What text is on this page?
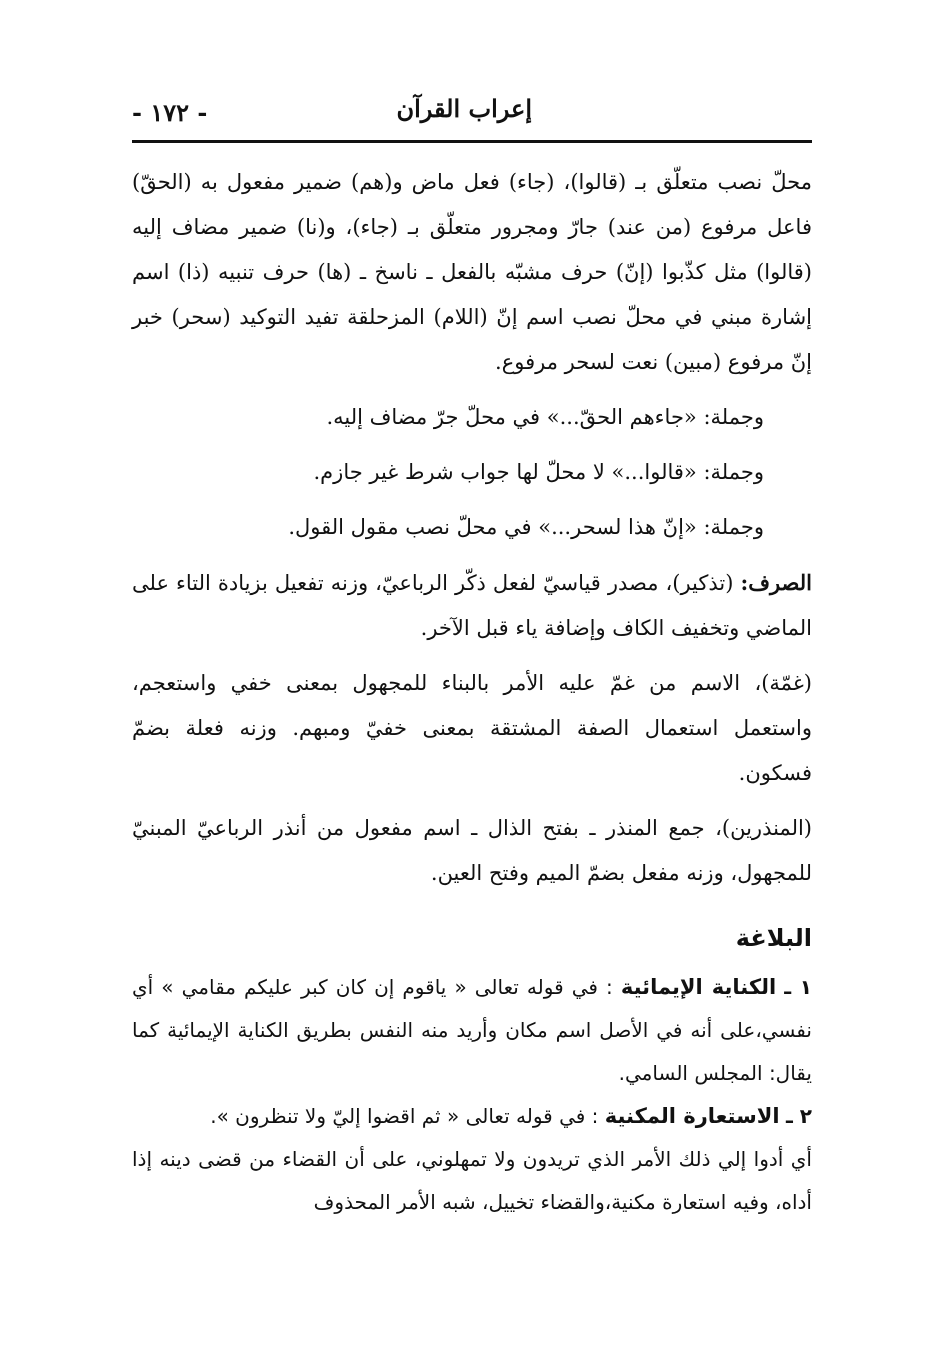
إعراب القرآن
- ١٧٢ -

محلّ نصب متعلّق بـ (قالوا)، (جاء) فعل ماض و(هم) ضمير مفعول به (الحقّ) فاعل مرفوع (من عند) جارّ ومجرور متعلّق بـ (جاء)، و(نا) ضمير مضاف إليه (قالوا) مثل كذّبوا (إنّ) حرف مشبّه بالفعل ـ ناسخ ـ (ها) حرف تنبيه (ذا) اسم إشارة مبني في محلّ نصب اسم إنّ (اللام) المزحلقة تفيد التوكيد (سحر) خبر إنّ مرفوع (مبين) نعت لسحر مرفوع.

وجملة: «جاءهم الحقّ...» في محلّ جرّ مضاف إليه.

وجملة: «قالوا...» لا محلّ لها جواب شرط غير جازم.

وجملة: «إنّ هذا لسحر...» في محلّ نصب مقول القول.

الصرف: (تذكير)، مصدر قياسيّ لفعل ذكّر الرباعيّ، وزنه تفعيل بزيادة التاء على الماضي وتخفيف الكاف وإضافة ياء قبل الآخر.

(غمّة)، الاسم من غمّ عليه الأمر بالبناء للمجهول بمعنى خفي واستعجم، واستعمل استعمال الصفة المشتقة بمعنى خفيّ ومبهم. وزنه فعلة بضمّ فسكون.

(المنذرين)، جمع المنذر ـ بفتح الذال ـ اسم مفعول من أنذر الرباعيّ المبنيّ للمجهول، وزنه مفعل بضمّ الميم وفتح العين.

البلاغة

١ ـ الكناية الإيمائية : في قوله تعالى « ياقوم إن كان كبر عليكم مقامي » أي نفسي،على أنه في الأصل اسم مكان وأريد منه النفس بطريق الكناية الإيمائية كما يقال: المجلس السامي.

٢ ـ الاستعارة المكنية : في قوله تعالى « ثم اقضوا إليّ ولا تنظرون ».

أي أدوا إلي ذلك الأمر الذي تريدون ولا تمهلوني، على أن القضاء من قضى دينه إذا أداه، وفيه استعارة مكنية،والقضاء تخييل، شبه الأمر المحذوف
